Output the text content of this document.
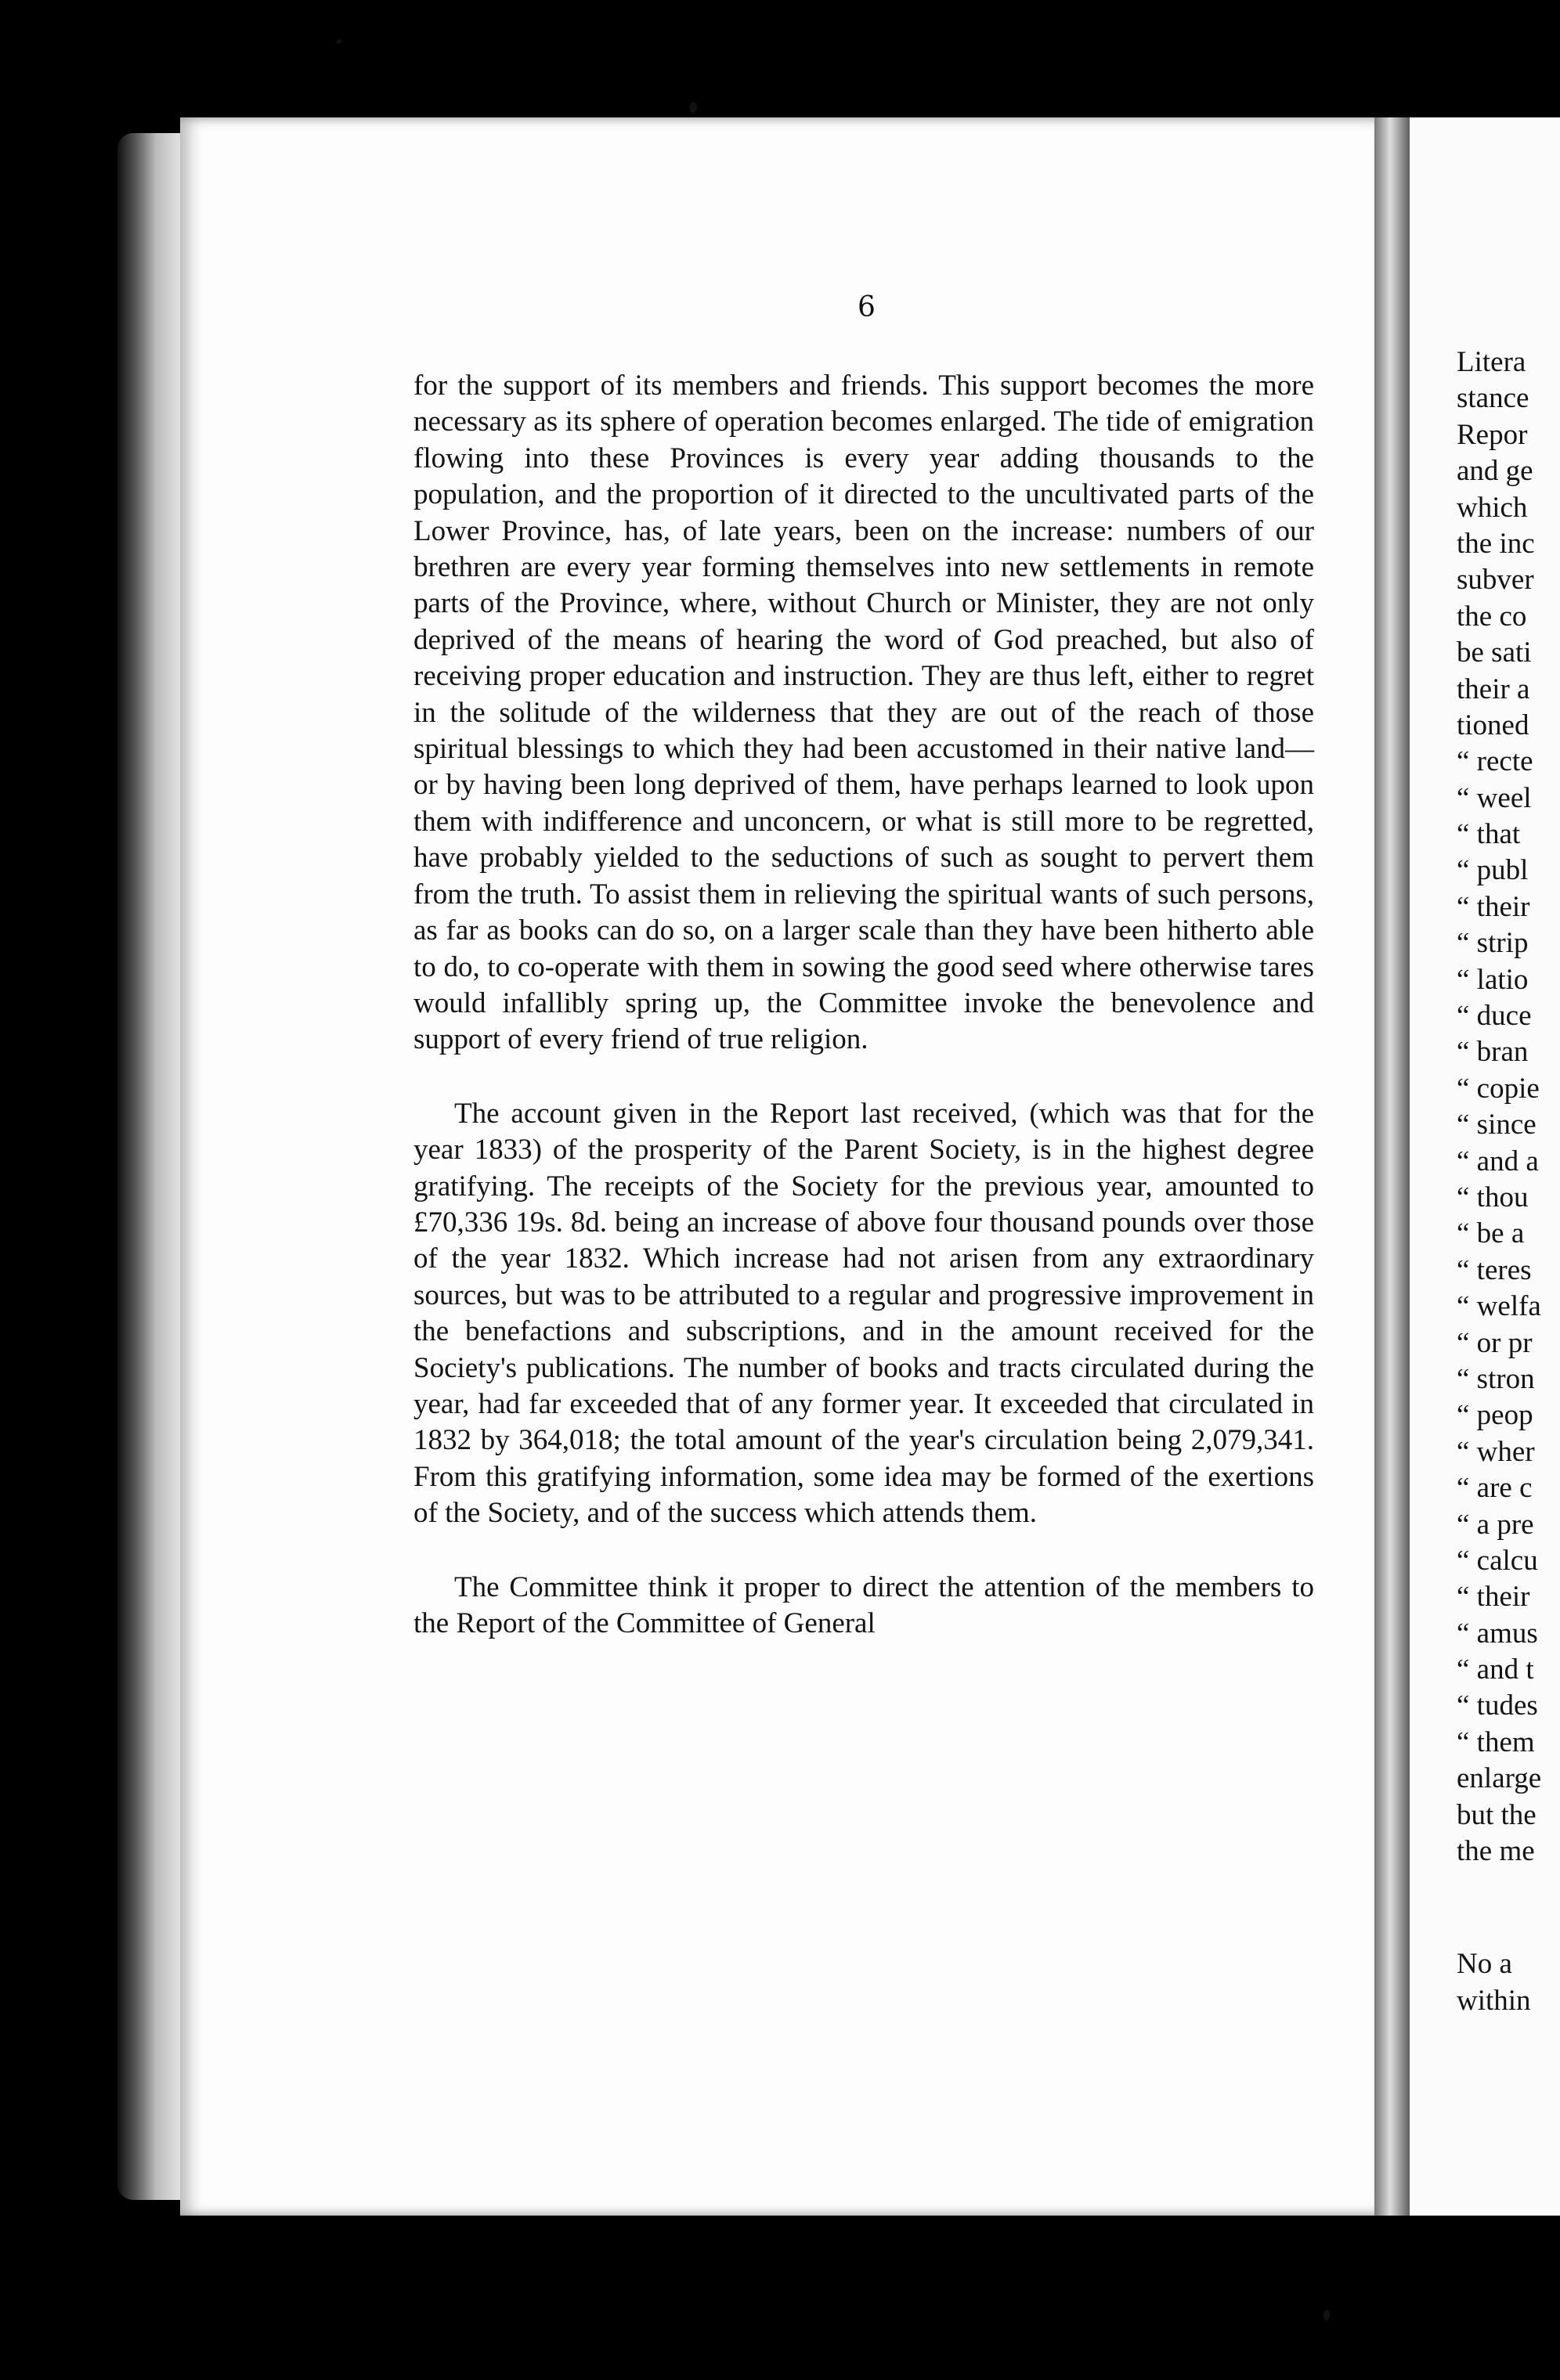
6

for the support of its members and friends. This support becomes the more necessary as its sphere of operation becomes enlarged. The tide of emigration flowing into these Provinces is every year adding thousands to the population, and the proportion of it directed to the uncultivated parts of the Lower Province, has, of late years, been on the increase: numbers of our brethren are every year forming themselves into new settlements in remote parts of the Province, where, without Church or Minister, they are not only deprived of the means of hearing the word of God preached, but also of receiving proper education and instruction. They are thus left, either to regret in the solitude of the wilderness that they are out of the reach of those spiritual blessings to which they had been accustomed in their native land—or by having been long deprived of them, have perhaps learned to look upon them with indifference and unconcern, or what is still more to be regretted, have probably yielded to the seductions of such as sought to pervert them from the truth. To assist them in relieving the spiritual wants of such persons, as far as books can do so, on a larger scale than they have been hitherto able to do, to co-operate with them in sowing the good seed where otherwise tares would infallibly spring up, the Committee invoke the benevolence and support of every friend of true religion.

The account given in the Report last received, (which was that for the year 1833) of the prosperity of the Parent Society, is in the highest degree gratifying. The receipts of the Society for the previous year, amounted to £70,336 19s. 8d. being an increase of above four thousand pounds over those of the year 1832. Which increase had not arisen from any extraordinary sources, but was to be attributed to a regular and progressive improvement in the benefactions and subscriptions, and in the amount received for the Society's publications. The number of books and tracts circulated during the year, had far exceeded that of any former year. It exceeded that circulated in 1832 by 364,018; the total amount of the year's circulation being 2,079,341. From this gratifying information, some idea may be formed of the exertions of the Society, and of the success which attends them.

The Committee think it proper to direct the attention of the members to the Report of the Committee of General

Litera
stance
Repor
and ge
which
the inc
subver
the co
be sati
their a
tioned
“ recte
“ weel
“ that
“ publ
“ their
“ strip
“ latio
“ duce
“ bran
“ copie
“ since
“ and a
“ thou
“ be a
“ teres
“ welfa
“ or pr
“ stron
“ peop
“ wher
“ are c
“ a pre
“ calcu
“ their
“ amus
“ and t
“ tudes
“ them
enlarge
but the
the me
No a
within
